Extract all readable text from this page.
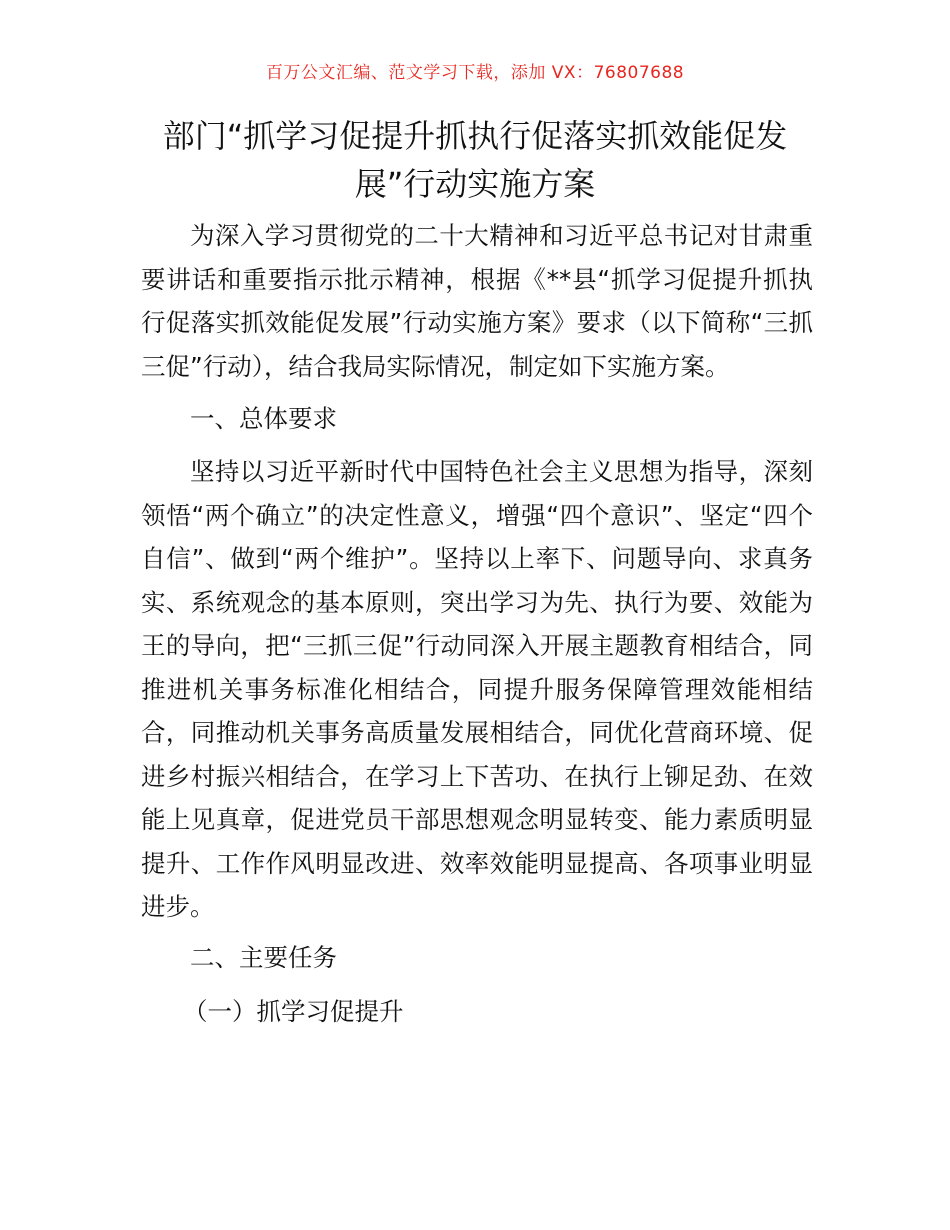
百万公文汇编、范文学习下载，添加 VX：76807688
部门“抓学习促提升抓执行促落实抓效能促发展”行动实施方案

为深入学习贯彻党的二十大精神和习近平总书记对甘肃重要讲话和重要指示批示精神，根据《**县“抓学习促提升抓执行促落实抓效能促发展”行动实施方案》要求（以下简称“三抓三促”行动），结合我局实际情况，制定如下实施方案。

一、总体要求

坚持以习近平新时代中国特色社会主义思想为指导，深刻领悟“两个确立”的决定性意义，增强“四个意识”、坚定“四个自信”、做到“两个维护”。坚持以上率下、问题导向、求真务实、系统观念的基本原则，突出学习为先、执行为要、效能为王的导向，把“三抓三促”行动同深入开展主题教育相结合，同推进机关事务标准化相结合，同提升服务保障管理效能相结合，同推动机关事务高质量发展相结合，同优化营商环境、促进乡村振兴相结合，在学习上下苦功、在执行上铆足劲、在效能上见真章，促进党员干部思想观念明显转变、能力素质明显提升、工作作风明显改进、效率效能明显提高、各项事业明显进步。

二、主要任务

（一）抓学习促提升
